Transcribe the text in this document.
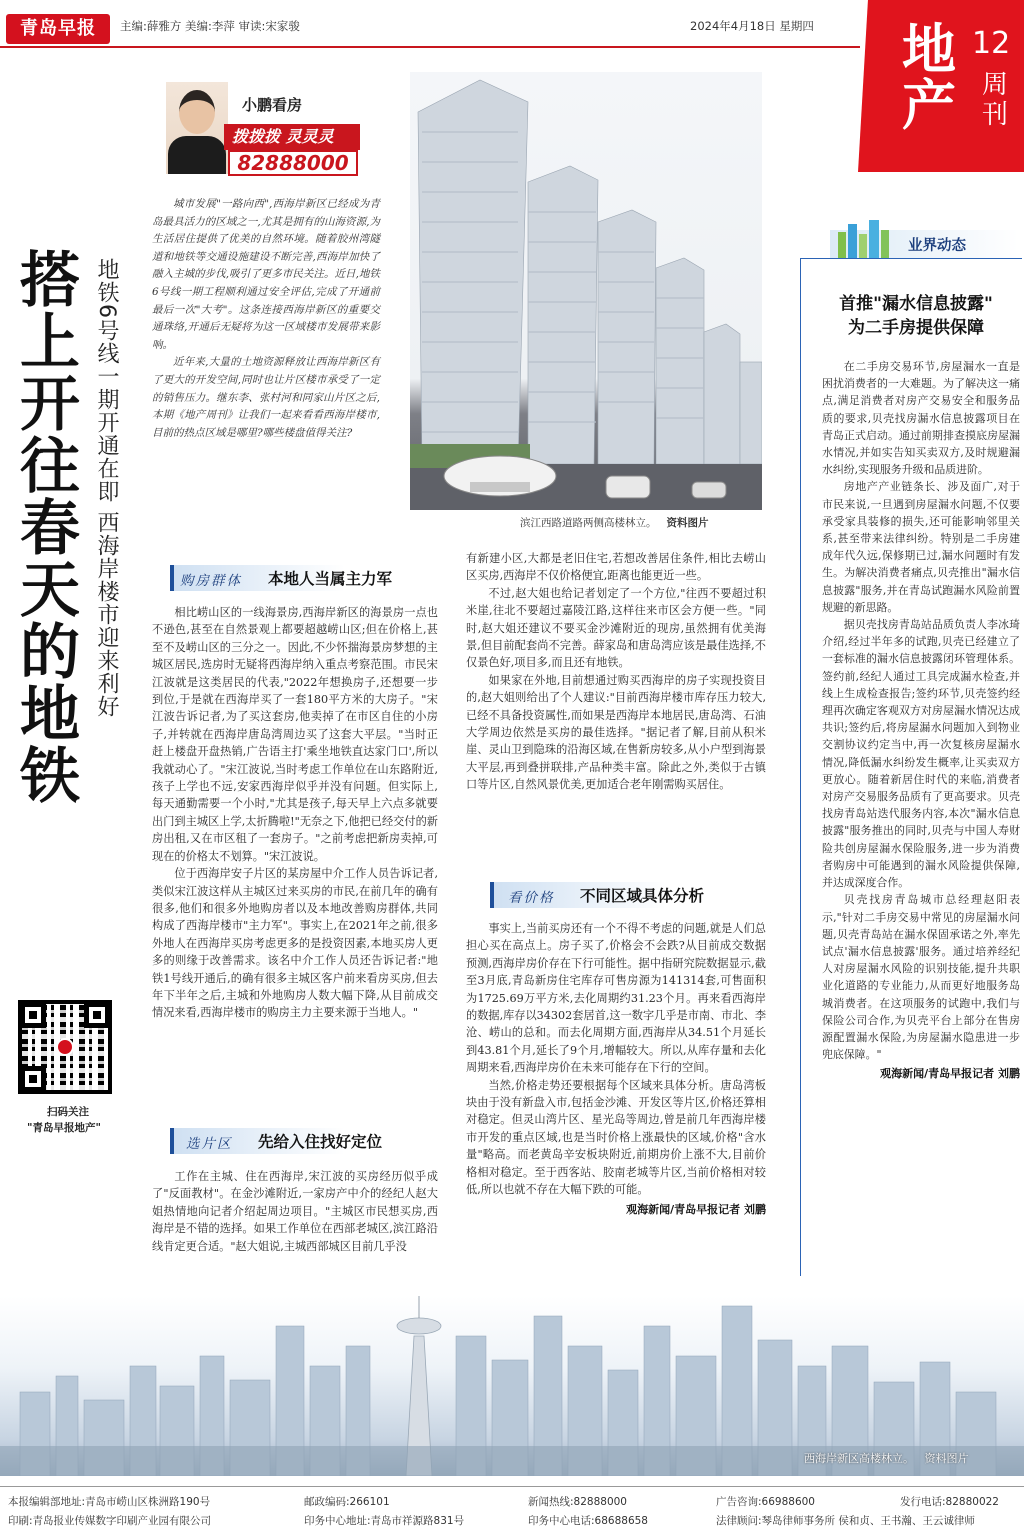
青岛早报	主编:薛雅方 美编:李萍 审读:宋家骏	2024年4月18日 星期四 地产
12
周刊
小鹏看房
拨拨拨 灵灵灵
82888000

城市发展"一路向西",西海岸新区已经成为青岛最具活力的区域之一,尤其是拥有的山海资源,为生活居住提供了优美的自然环境。随着胶州湾隧道和地铁等交通设施建设不断完善,西海岸加快了融入主城的步伐,吸引了更多市民关注。近日,地铁6号线一期工程顺利通过安全评估,完成了开通前最后一次"大考"。这条连接西海岸新区的重要交通珠络,开通后无疑将为这一区域楼市发展带来影响。

近年来,大量的土地资源释放让西海岸新区有了更大的开发空间,同时也让片区楼市承受了一定的销售压力。继东李、张村河和同家山片区之后,本期《地产周刊》让我们一起来看看西海岸楼市,目前的热点区域是哪里?哪些楼盘值得关注?

搭上开往春天的地铁 地铁6号线一期开通在即 西海岸楼市迎来利好
扫码关注
"青岛早报地产"
滨江西路道路两侧高楼林立。 资料图片
购房群体 本地人当属主力军

相比崂山区的一线海景房,西海岸新区的海景房一点也不逊色,甚至在自然景观上都要超越崂山区;但在价格上,甚至不及崂山区的三分之一。因此,不少怀揣海景房梦想的主城区居民,选房时无疑将西海岸纳入重点考察范围。市民宋江波就是这类居民的代表,"2022年想换房子,还想要一步到位,于是就在西海岸买了一套180平方米的大房子。"宋江波告诉记者,为了买这套房,他卖掉了在市区自住的小房子,并转就在西海岸唐岛湾周边买了这套大平层。"当时正赶上楼盘开盘热销,广告语主打'乘坐地铁直达家门口',所以我就动心了。"宋江波说,当时考虑工作单位在山东路附近,孩子上学也不远,安家西海岸似乎并没有问题。但实际上,每天通勤需要一个小时,"尤其是孩子,每天早上六点多就要出门到主城区上学,太折腾啦!"无奈之下,他把已经交付的新房出租,又在市区租了一套房子。"之前考虑把新房卖掉,可现在的价格太不划算。"宋江波说。

位于西海岸安子片区的某房屋中介工作人员告诉记者,类似宋江波这样从主城区过来买房的市民,在前几年的确有很多,他们和很多外地购房者以及本地改善购房群体,共同构成了西海岸楼市"主力军"。事实上,在2021年之前,很多外地人在西海岸买房考虑更多的是投资因素,本地买房人更多的则缘于改善需求。该名中介工作人员还告诉记者:"地铁1号线开通后,的确有很多主城区客户前来看房买房,但去年下半年之后,主城和外地购房人数大幅下降,从目前成交情况来看,西海岸楼市的购房主力主要来源于当地人。"

选片区 先给入住找好定位

工作在主城、住在西海岸,宋江波的买房经历似乎成了"反面教材"。在金沙滩附近,一家房产中介的经纪人赵大姐热情地向记者介绍起周边项目。"主城区市民想买房,西海岸是不错的选择。如果工作单位在西部老城区,滨江路沿线肯定更合适。"赵大姐说,主城西部城区目前几乎没

有新建小区,大都是老旧住宅,若想改善居住条件,相比去崂山区买房,西海岸不仅价格便宜,距离也能更近一些。

不过,赵大姐也给记者划定了一个方位,"往西不要超过积米崖,往北不要超过嘉陵江路,这样往来市区会方便一些。"同时,赵大姐还建议不要买金沙滩附近的现房,虽然拥有优美海景,但目前配套尚不完善。薛家岛和唐岛湾应该是最佳选择,不仅景色好,项目多,而且还有地铁。

如果家在外地,目前想通过购买西海岸的房子实现投资目的,赵大姐则给出了个人建议:"目前西海岸楼市库存压力较大,已经不具备投资属性,而如果是西海岸本地居民,唐岛湾、石油大学周边依然是买房的最佳选择。"据记者了解,目前从积米崖、灵山卫到隐珠的沿海区域,在售新房较多,从小户型到海景大平层,再到叠拼联排,产品种类丰富。除此之外,类似于古镇口等片区,自然风景优美,更加适合老年刚需购买居住。

看价格 不同区域具体分析

事实上,当前买房还有一个不得不考虑的问题,就是人们总担心买在高点上。房子买了,价格会不会跌?从目前成交数据预测,西海岸房价存在下行可能性。据中指研究院数据显示,截至3月底,青岛新房住宅库存可售房源为141314套,可售面积为1725.69万平方米,去化周期约31.23个月。再来看西海岸的数据,库存以34302套居首,这一数字几乎是市南、市北、李沧、崂山的总和。而去化周期方面,西海岸从34.51个月延长到43.81个月,延长了9个月,增幅较大。所以,从库存量和去化周期来看,西海岸房价在未来可能存在下行的空间。

当然,价格走势还要根据每个区域来具体分析。唐岛湾板块由于没有新盘入市,包括金沙滩、开发区等片区,价格还算相对稳定。但灵山湾片区、星光岛等周边,曾是前几年西海岸楼市开发的重点区域,也是当时价格上涨最快的区域,价格"含水量"略高。而老黄岛辛安板块附近,前期房价上涨不大,目前价格相对稳定。至于西客站、胶南老城等片区,当前价格相对较低,所以也就不存在大幅下跌的可能。

观海新闻/青岛早报记者 刘鹏
业界动态
首推"漏水信息披露"
为二手房提供保障

在二手房交易环节,房屋漏水一直是困扰消费者的一大难题。为了解决这一痛点,满足消费者对房产交易安全和服务品质的要求,贝壳找房漏水信息披露项目在青岛正式启动。通过前期排查摸底房屋漏水情况,并如实告知买卖双方,及时规避漏水纠纷,实现服务升级和品质进阶。

房地产产业链条长、涉及面广,对于市民来说,一旦遇到房屋漏水问题,不仅要承受家具装修的损失,还可能影响邻里关系,甚至带来法律纠纷。特别是二手房建成年代久远,保修期已过,漏水问题时有发生。为解决消费者痛点,贝壳推出"漏水信息披露"服务,并在青岛试跑漏水风险前置规避的新思路。

据贝壳找房青岛站品质负责人李冰琦介绍,经过半年多的试跑,贝壳已经建立了一套标准的漏水信息披露闭环管理体系。签约前,经纪人通过工具完成漏水检查,并线上生成检查报告;签约环节,贝壳签约经理再次确定客观双方对房屋漏水情况达成共识;签约后,将房屋漏水问题加入到物业交割协议约定当中,再一次复核房屋漏水情况,降低漏水纠纷发生概率,让买卖双方更放心。随着新居住时代的来临,消费者对房产交易服务品质有了更高要求。贝壳找房青岛站迭代服务内容,本次"漏水信息披露"服务推出的同时,贝壳与中国人寿财险共创房屋漏水保险服务,进一步为消费者购房中可能遇到的漏水风险提供保障,并达成深度合作。

贝壳找房青岛城市总经理赵阳表示,"针对二手房交易中常见的房屋漏水问题,贝壳青岛站在漏水保固承诺之外,率先试点'漏水信息披露'服务。通过培养经纪人对房屋漏水风险的识别技能,提升共职业化道路的专业能力,从而更好地服务岛城消费者。在这项服务的试跑中,我们与保险公司合作,为贝壳平台上部分在售房源配置漏水保险,为房屋漏水隐患进一步兜底保障。"

观海新闻/青岛早报记者 刘鹏
西海岸新区高楼林立。 资料图片
本报编辑部地址:青岛市崂山区株洲路190号	邮政编码:266101	新闻热线:82888000	广告咨询:66988600	发行电话:82880022
印刷:青岛报业传媒数字印刷产业园有限公司	印务中心地址:青岛市祥源路831号	印务中心电话:68688658	法律顾问:琴岛律师事务所 侯和贞、王书瀚、王云诚律师
